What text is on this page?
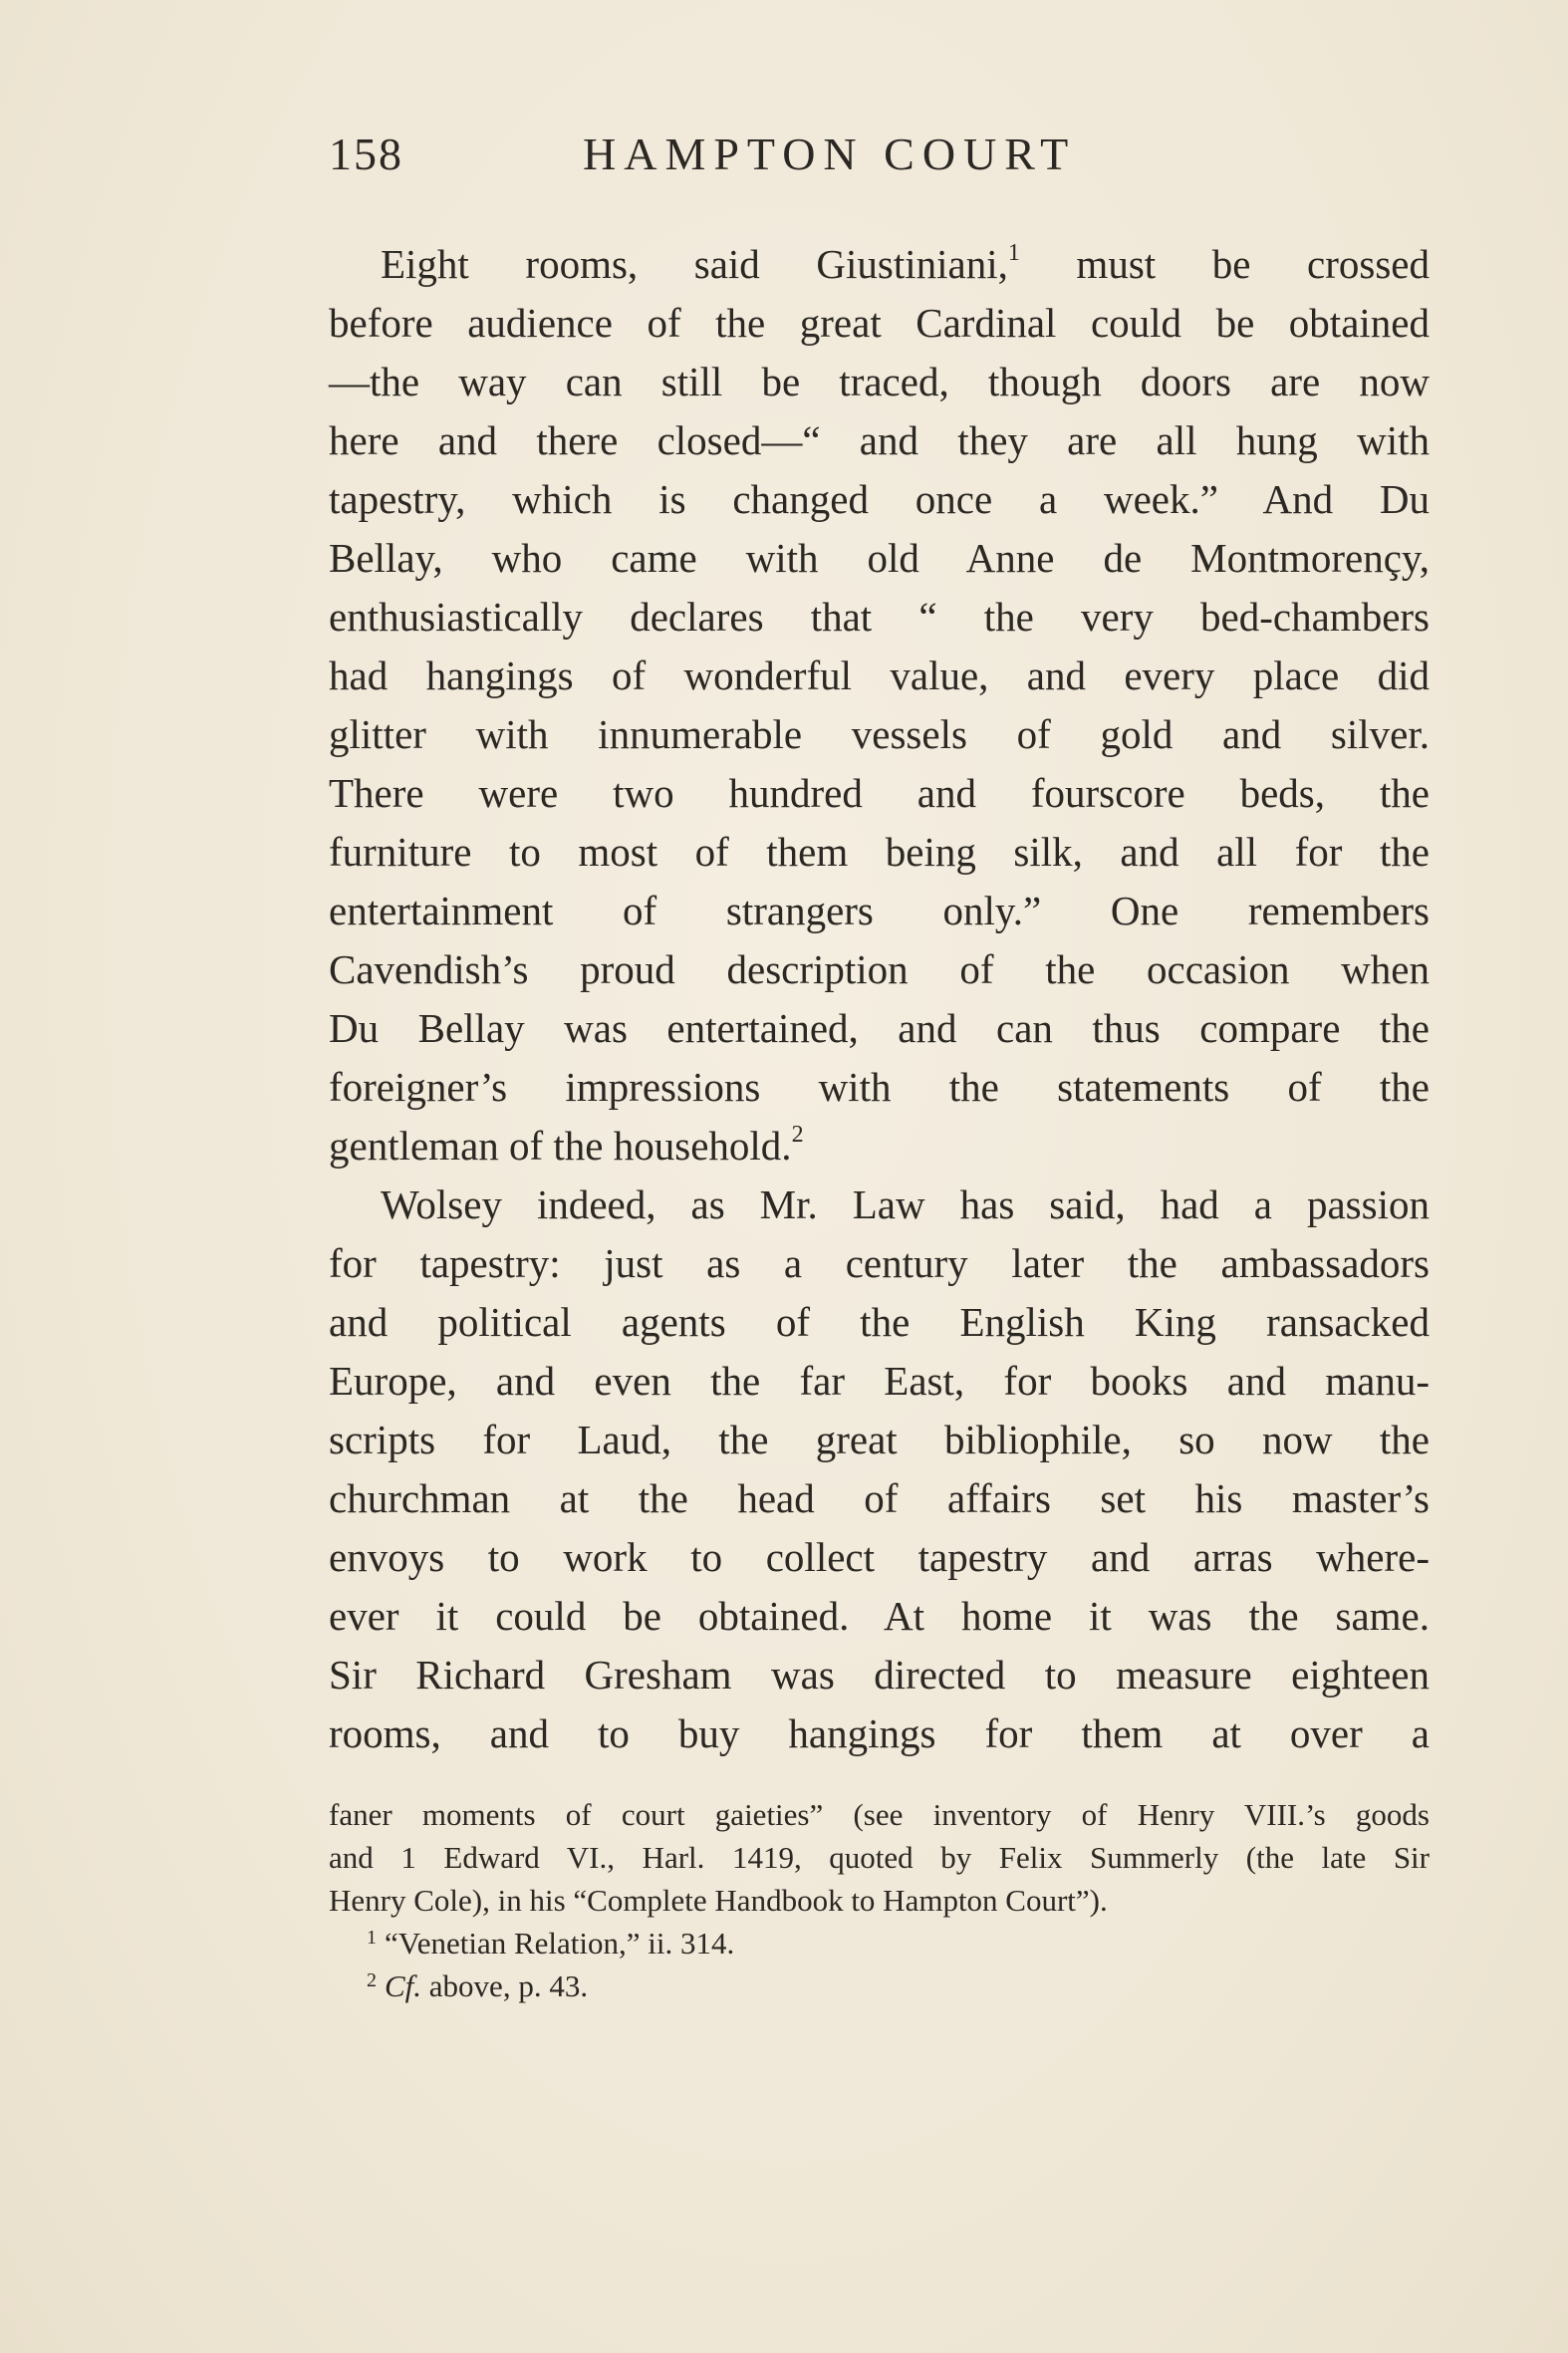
158	HAMPTON COURT
Eight rooms, said Giustiniani,$^1$ must be crossed
before audience of the great Cardinal could be obtained
—the way can still be traced, though doors are now
here and there closed—“ and they are all hung with
tapestry, which is changed once a week.” And Du
Bellay, who came with old Anne de Montmorençy,
enthusiastically declares that “ the very bed-chambers
had hangings of wonderful value, and every place did
glitter with innumerable vessels of gold and silver.
There were two hundred and fourscore beds, the
furniture to most of them being silk, and all for the
entertainment of strangers only.” One remembers
Cavendish’s proud description of the occasion when
Du Bellay was entertained, and can thus compare the
foreigner’s impressions with the statements of the
gentleman of the household.$^2$
Wolsey indeed, as Mr. Law has said, had a passion
for tapestry: just as a century later the ambassadors
and political agents of the English King ransacked
Europe, and even the far East, for books and manu-
scripts for Laud, the great bibliophile, so now the
churchman at the head of affairs set his master’s
envoys to work to collect tapestry and arras where-
ever it could be obtained. At home it was the same.
Sir Richard Gresham was directed to measure eighteen
rooms, and to buy hangings for them at over a
faner moments of court gaieties” (see inventory of Henry VIII.’s goods
and 1 Edward VI., Harl. 1419, quoted by Felix Summerly (the late Sir
Henry Cole), in his “Complete Handbook to Hampton Court”).
$^1$ “Venetian Relation,” ii. 314.
$^2$ Cf. above, p. 43.
